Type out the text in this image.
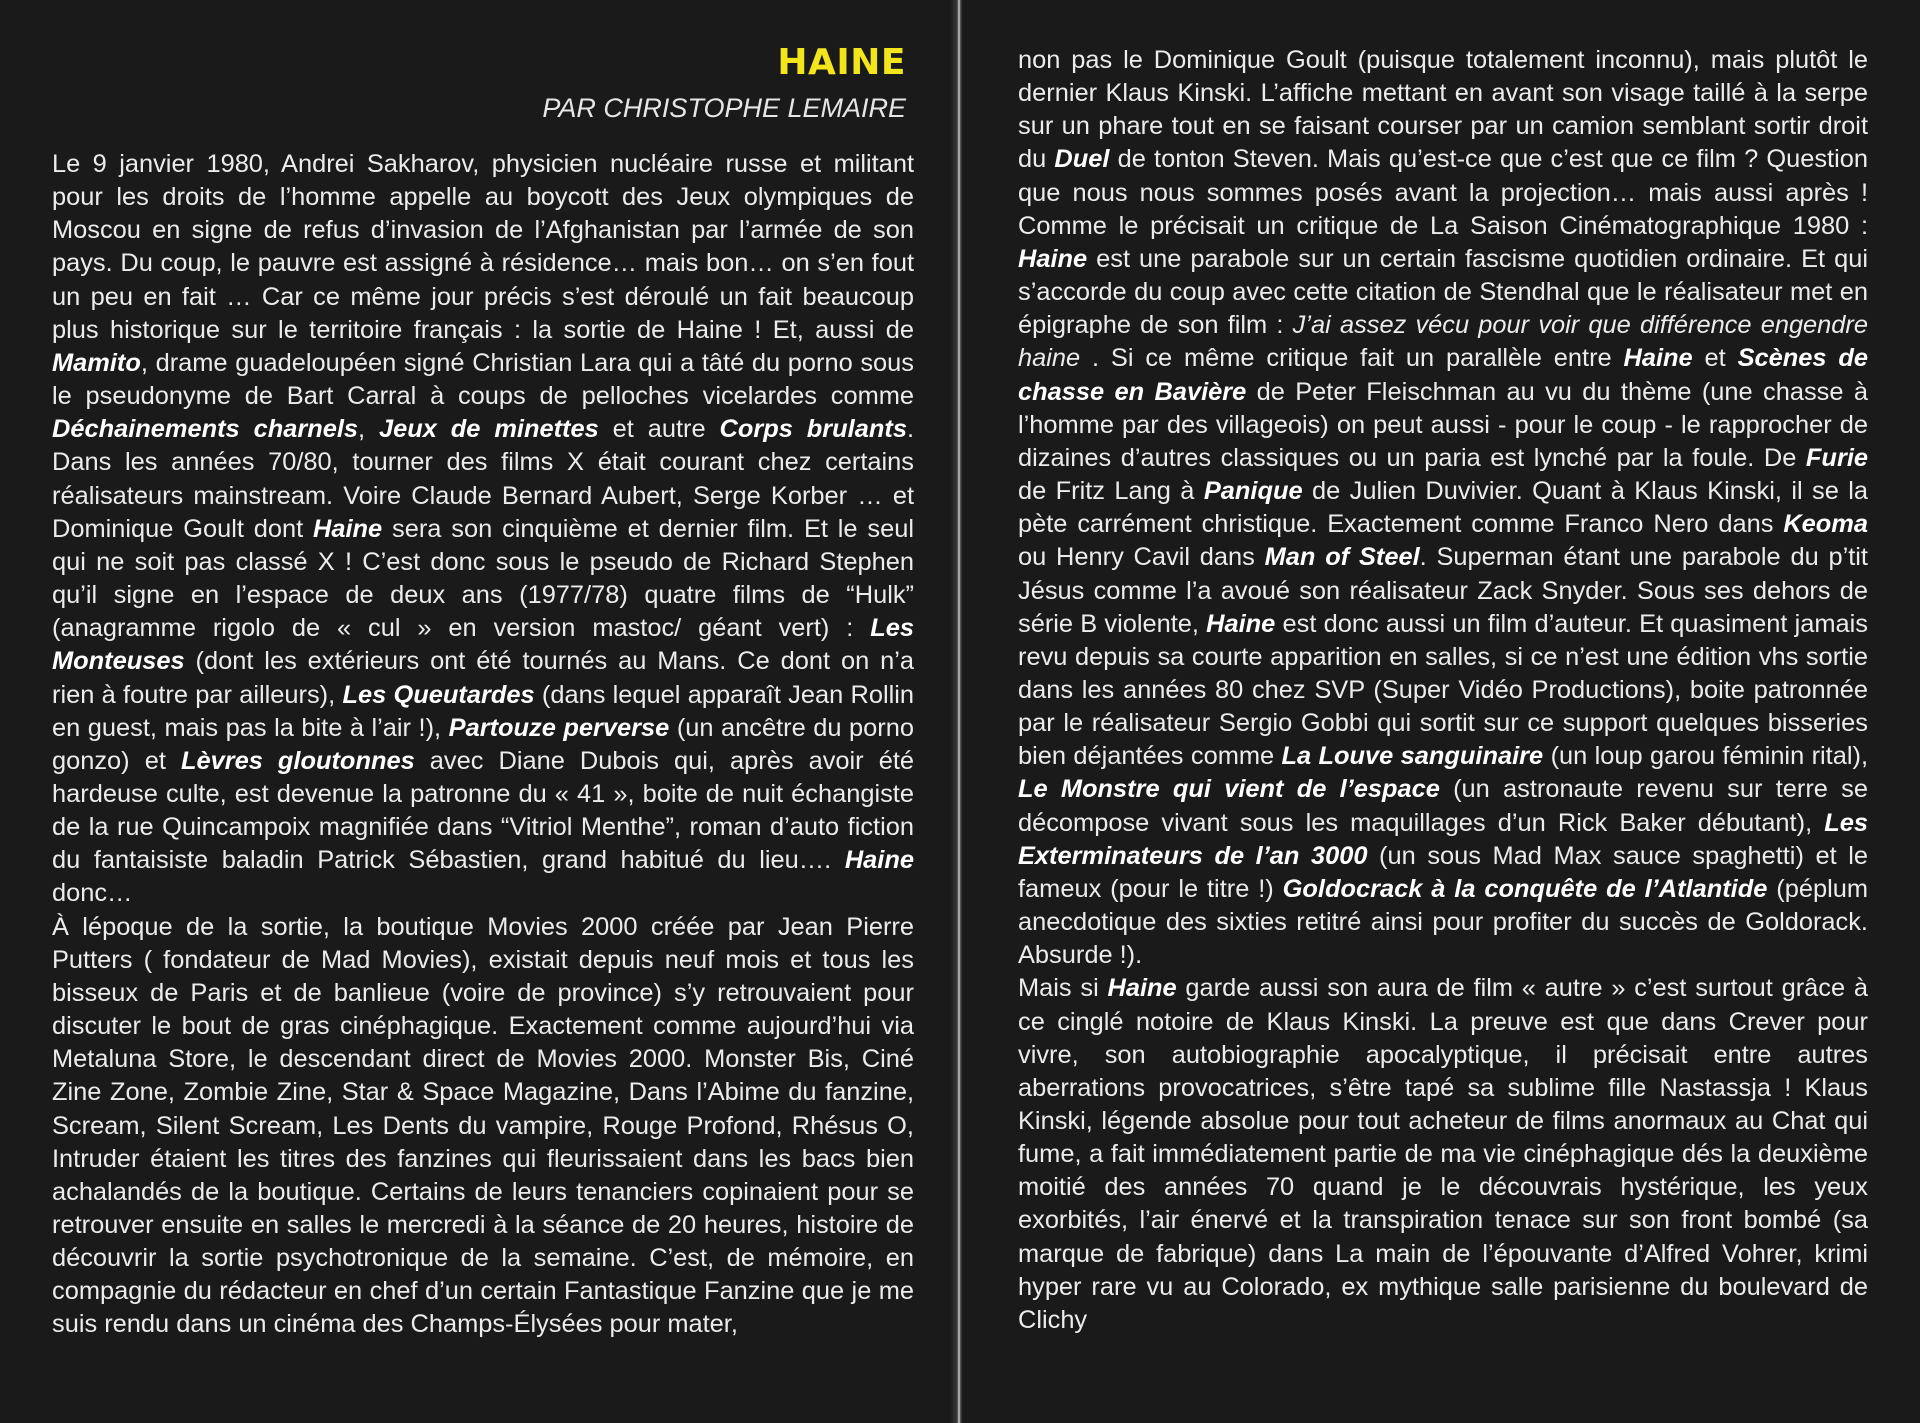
HAINE

PAR CHRISTOPHE LEMAIRE

Le 9 janvier 1980, Andrei Sakharov, physicien nucléaire russe et militant pour les droits de l’homme appelle au boycott des Jeux olympiques de Moscou en signe de refus d’invasion de l’Afghanistan par l’armée de son pays. Du coup, le pauvre est assigné à résidence… mais bon… on s’en fout un peu en fait … Car ce même jour précis s’est déroulé un fait beaucoup plus historique sur le territoire français : la sortie de Haine ! Et, aussi de Mamito, drame guadeloupéen signé Christian Lara qui a tâté du porno sous le pseudonyme de Bart Carral à coups de pelloches vicelardes comme Déchainements charnels, Jeux de minettes et autre Corps brulants. Dans les années 70/80, tourner des films X était courant chez certains réalisateurs mainstream. Voire Claude Bernard Aubert, Serge Korber … et Dominique Goult dont Haine sera son cinquième et dernier film. Et le seul qui ne soit pas classé X ! C’est donc sous le pseudo de Richard Stephen qu’il signe en l’espace de deux ans (1977/78) quatre films de “Hulk” (anagramme rigolo de « cul » en version mastoc/ géant vert) : Les Monteuses (dont les extérieurs ont été tournés au Mans. Ce dont on n’a rien à foutre par ailleurs), Les Queutardes (dans lequel apparaît Jean Rollin en guest, mais pas la bite à l’air !), Partouze perverse (un ancêtre du porno gonzo) et Lèvres gloutonnes avec Diane Dubois qui, après avoir été hardeuse culte, est devenue la patronne du « 41 », boite de nuit échangiste de la rue Quincampoix magnifiée dans “Vitriol Menthe”, roman d’auto fiction du fantaisiste baladin Patrick Sébastien, grand habitué du lieu…. Haine donc…
À lépoque de la sortie, la boutique Movies 2000 créée par Jean Pierre Putters ( fondateur de Mad Movies), existait depuis neuf mois et tous les bisseux de Paris et de banlieue (voire de province) s’y retrouvaient pour discuter le bout de gras cinéphagique. Exactement comme aujourd’hui via Metaluna Store, le descendant direct de Movies 2000. Monster Bis, Ciné Zine Zone, Zombie Zine, Star & Space Magazine, Dans l’Abime du fanzine, Scream, Silent Scream, Les Dents du vampire, Rouge Profond, Rhésus O, Intruder étaient les titres des fanzines qui fleurissaient dans les bacs bien achalandés de la boutique. Certains de leurs tenanciers copinaient pour se retrouver ensuite en salles le mercredi à la séance de 20 heures, histoire de découvrir la sortie psychotronique de la semaine. C’est, de mémoire, en compagnie du rédacteur en chef d’un certain Fantastique Fanzine que je me suis rendu dans un cinéma des Champs-Élysées pour mater,
non pas le Dominique Goult (puisque totalement inconnu), mais plutôt le dernier Klaus Kinski. L’affiche mettant en avant son visage taillé à la serpe sur un phare tout en se faisant courser par un camion semblant sortir droit du Duel de tonton Steven. Mais qu’est-ce que c’est que ce film ? Question que nous nous sommes posés avant la projection… mais aussi après ! Comme le précisait un critique de La Saison Cinématographique 1980 : Haine est une parabole sur un certain fascisme quotidien ordinaire. Et qui s’accorde du coup avec cette citation de Stendhal que le réalisateur met en épigraphe de son film : J’ai assez vécu pour voir que différence engendre haine . Si ce même critique fait un parallèle entre Haine et Scènes de chasse en Bavière de Peter Fleischman au vu du thème (une chasse à l’homme par des villageois) on peut aussi - pour le coup - le rapprocher de dizaines d’autres classiques ou un paria est lynché par la foule. De Furie de Fritz Lang à Panique de Julien Duvivier. Quant à Klaus Kinski, il se la pète carrément christique. Exactement comme Franco Nero dans Keoma ou Henry Cavil dans Man of Steel. Superman étant une parabole du p’tit Jésus comme l’a avoué son réalisateur Zack Snyder. Sous ses dehors de série B violente, Haine est donc aussi un film d’auteur. Et quasiment jamais revu depuis sa courte apparition en salles, si ce n’est une édition vhs sortie dans les années 80 chez SVP (Super Vidéo Productions), boite patronnée par le réalisateur Sergio Gobbi qui sortit sur ce support quelques bisseries bien déjantées comme La Louve sanguinaire (un loup garou féminin rital), Le Monstre qui vient de l’espace (un astronaute revenu sur terre se décompose vivant sous les maquillages d’un Rick Baker débutant), Les Exterminateurs de l’an 3000 (un sous Mad Max sauce spaghetti) et le fameux (pour le titre !) Goldocrack à la conquête de l’Atlantide (péplum anecdotique des sixties retitré ainsi pour profiter du succès de Goldorack. Absurde !).
Mais si Haine garde aussi son aura de film « autre » c’est surtout grâce à ce cinglé notoire de Klaus Kinski. La preuve est que dans Crever pour vivre, son autobiographie apocalyptique, il précisait entre autres aberrations provocatrices, s’être tapé sa sublime fille Nastassja ! Klaus Kinski, légende absolue pour tout acheteur de films anormaux au Chat qui fume, a fait immédiatement partie de ma vie cinéphagique dés la deuxième moitié des années 70 quand je le découvrais hystérique, les yeux exorbités, l’air énervé et la transpiration tenace sur son front bombé (sa marque de fabrique) dans La main de l’épouvante d’Alfred Vohrer, krimi hyper rare vu au Colorado, ex mythique salle parisienne du boulevard de Clichy
